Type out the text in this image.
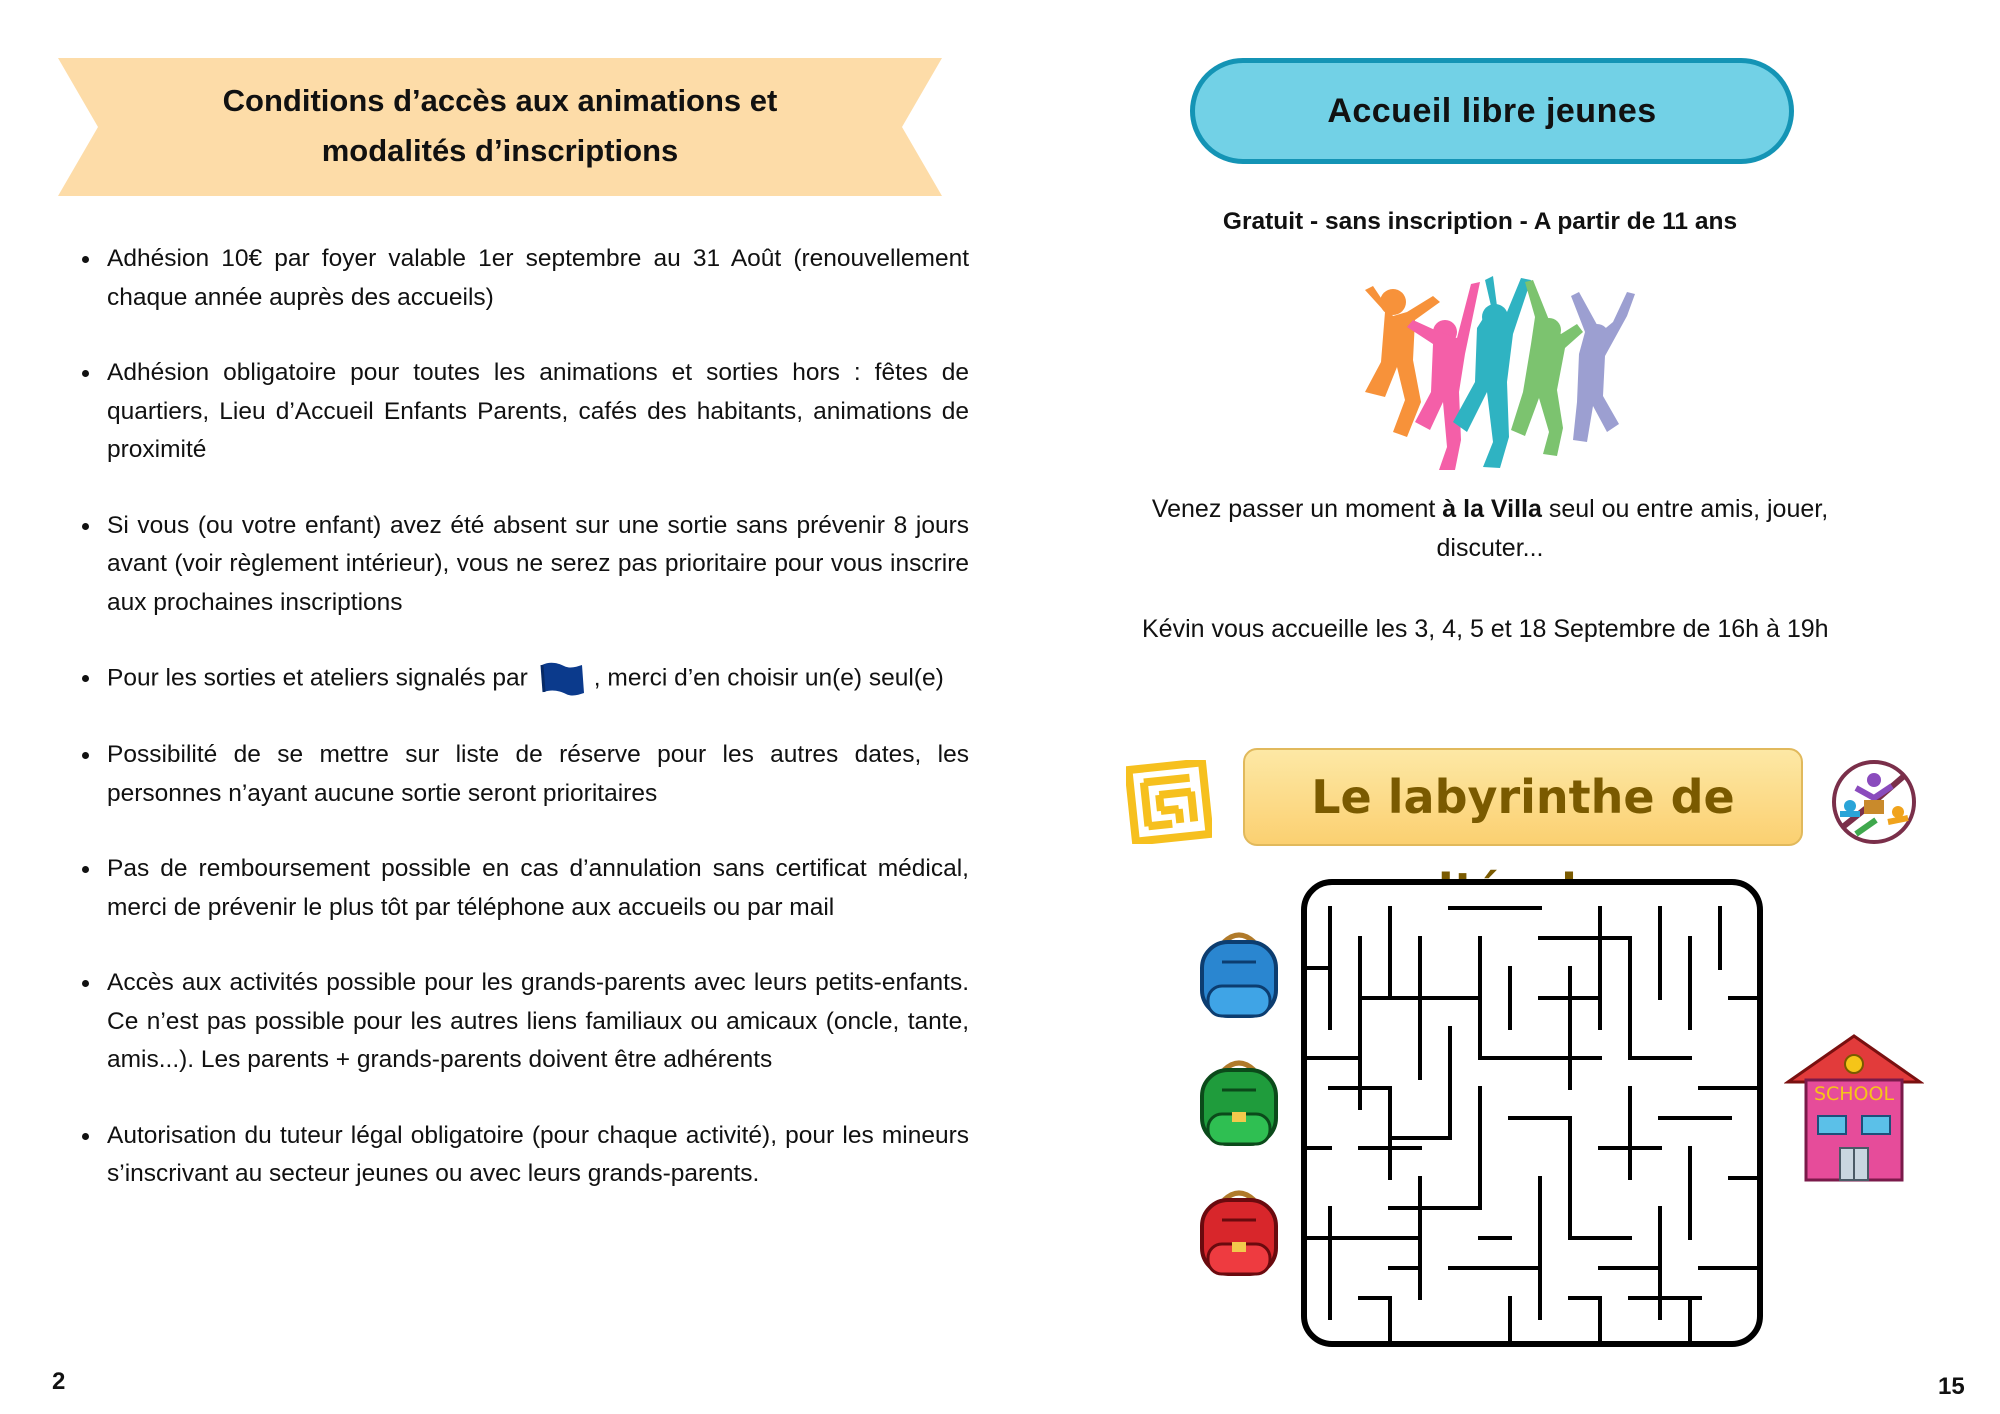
Conditions d’accès aux animations et
modalités d’inscriptions
Adhésion 10€ par foyer valable 1er septembre au 31 Août (renouvellement chaque année auprès des accueils)
Adhésion obligatoire pour toutes les animations et sorties hors : fêtes de quartiers, Lieu d’Accueil Enfants Parents, cafés des habitants, animations de proximité
Si vous (ou votre enfant) avez été absent sur une sortie sans prévenir 8 jours avant (voir règlement intérieur), vous ne serez pas prioritaire pour vous inscrire aux prochaines inscriptions
Pour les sorties et ateliers signalés par	, merci d’en choisir un(e) seul(e)
Possibilité de se mettre sur liste de réserve pour les autres dates, les personnes n’ayant aucune sortie seront prioritaires
Pas de remboursement possible en cas d’annulation sans certificat médical, merci de prévenir le plus tôt par téléphone aux accueils ou par mail
Accès aux activités possible pour les grands-parents avec leurs petits-enfants. Ce n’est pas possible pour les autres liens familiaux ou amicaux (oncle, tante, amis...). Les parents + grands-parents doivent être adhérents
Autorisation du tuteur légal obligatoire (pour chaque activité), pour les mineurs s’inscrivant au secteur jeunes ou avec leurs grands-parents.
2
Accueil libre jeunes
Gratuit - sans inscription - A partir de 11 ans
Venez passer un moment à la Villa seul ou entre amis, jouer, discuter...
Kévin vous accueille les 3, 4, 5 et 18 Septembre de 16h à 19h
Le labyrinthe de
SCHOOL
15
